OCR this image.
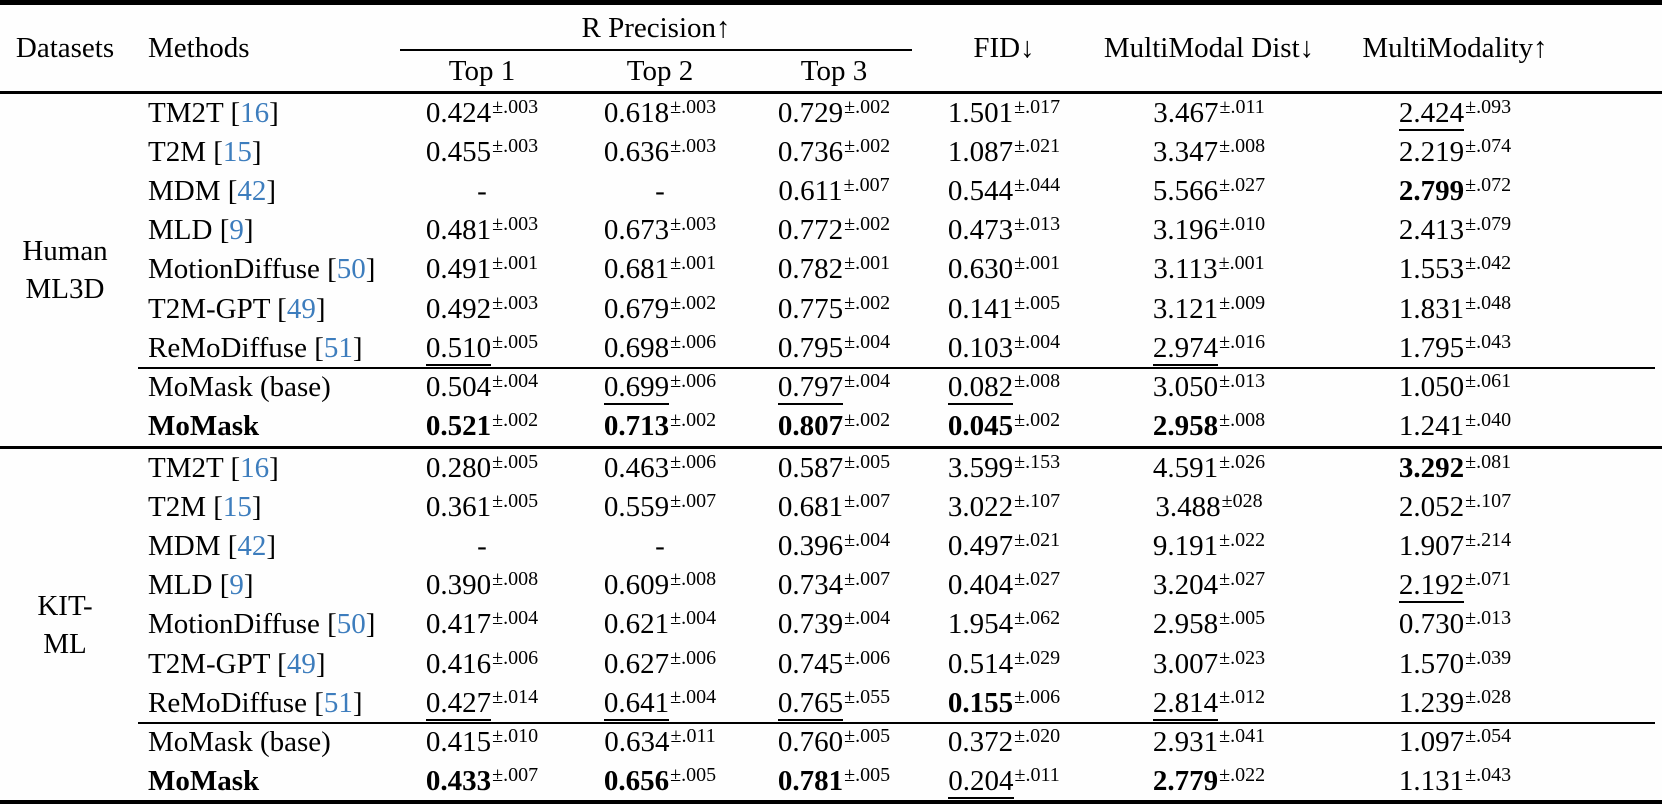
Datasets	Methods
R Precision↑
Top 1	Top 2	Top 3
FID↓	MultiModal Dist↓	MultiModality↑
Human
ML3D
TM2T [16]	$0.424^{\pm.003}$	$0.618^{\pm.003}$	$0.729^{\pm.002}$	$1.501^{\pm.017}$	$3.467^{\pm.011}$	$2.424^{\pm.093}$
T2M [15]	$0.455^{\pm.003}$	$0.636^{\pm.003}$	$0.736^{\pm.002}$	$1.087^{\pm.021}$	$3.347^{\pm.008}$	$2.219^{\pm.074}$
MDM [42]	-	-	$0.611^{\pm.007}$	$0.544^{\pm.044}$	$5.566^{\pm.027}$	$2.799^{\pm.072}$
MLD [9]	$0.481^{\pm.003}$	$0.673^{\pm.003}$	$0.772^{\pm.002}$	$0.473^{\pm.013}$	$3.196^{\pm.010}$	$2.413^{\pm.079}$
MotionDiffuse [50]	$0.491^{\pm.001}$	$0.681^{\pm.001}$	$0.782^{\pm.001}$	$0.630^{\pm.001}$	$3.113^{\pm.001}$	$1.553^{\pm.042}$
T2M-GPT [49]	$0.492^{\pm.003}$	$0.679^{\pm.002}$	$0.775^{\pm.002}$	$0.141^{\pm.005}$	$3.121^{\pm.009}$	$1.831^{\pm.048}$
ReMoDiffuse [51]	$0.510^{\pm.005}$	$0.698^{\pm.006}$	$0.795^{\pm.004}$	$0.103^{\pm.004}$	$2.974^{\pm.016}$	$1.795^{\pm.043}$
MoMask (base)	$0.504^{\pm.004}$	$0.699^{\pm.006}$	$0.797^{\pm.004}$	$0.082^{\pm.008}$	$3.050^{\pm.013}$	$1.050^{\pm.061}$
MoMask	$0.521^{\pm.002}$	$0.713^{\pm.002}$	$0.807^{\pm.002}$	$0.045^{\pm.002}$	$2.958^{\pm.008}$	$1.241^{\pm.040}$
KIT-
ML
TM2T [16]	$0.280^{\pm.005}$	$0.463^{\pm.006}$	$0.587^{\pm.005}$	$3.599^{\pm.153}$	$4.591^{\pm.026}$	$3.292^{\pm.081}$
T2M [15]	$0.361^{\pm.005}$	$0.559^{\pm.007}$	$0.681^{\pm.007}$	$3.022^{\pm.107}$	$3.488^{\pm 028}$	$2.052^{\pm.107}$
MDM [42]	-	-	$0.396^{\pm.004}$	$0.497^{\pm.021}$	$9.191^{\pm.022}$	$1.907^{\pm.214}$
MLD [9]	$0.390^{\pm.008}$	$0.609^{\pm.008}$	$0.734^{\pm.007}$	$0.404^{\pm.027}$	$3.204^{\pm.027}$	$2.192^{\pm.071}$
MotionDiffuse [50]	$0.417^{\pm.004}$	$0.621^{\pm.004}$	$0.739^{\pm.004}$	$1.954^{\pm.062}$	$2.958^{\pm.005}$	$0.730^{\pm.013}$
T2M-GPT [49]	$0.416^{\pm.006}$	$0.627^{\pm.006}$	$0.745^{\pm.006}$	$0.514^{\pm.029}$	$3.007^{\pm.023}$	$1.570^{\pm.039}$
ReMoDiffuse [51]	$0.427^{\pm.014}$	$0.641^{\pm.004}$	$0.765^{\pm.055}$	$0.155^{\pm.006}$	$2.814^{\pm.012}$	$1.239^{\pm.028}$
MoMask (base)	$0.415^{\pm.010}$	$0.634^{\pm.011}$	$0.760^{\pm.005}$	$0.372^{\pm.020}$	$2.931^{\pm.041}$	$1.097^{\pm.054}$
MoMask	$0.433^{\pm.007}$	$0.656^{\pm.005}$	$0.781^{\pm.005}$	$0.204^{\pm.011}$	$2.779^{\pm.022}$	$1.131^{\pm.043}$
